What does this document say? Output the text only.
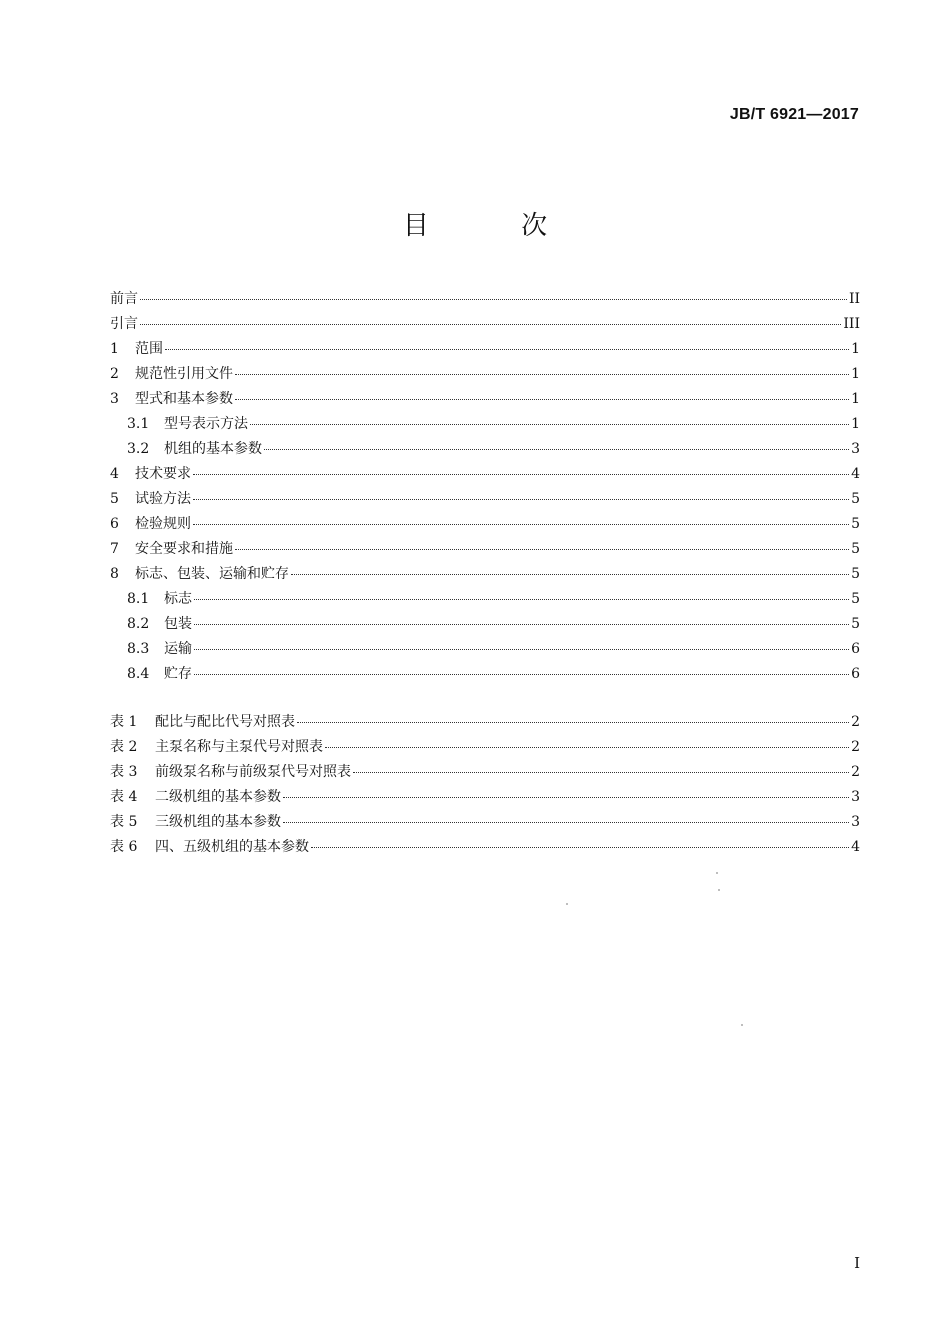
JB/T 6921—2017
目 次
前言	II
引言	III
1	范围	1
2	规范性引用文件	1
3	型式和基本参数	1
3.1	型号表示方法	1
3.2	机组的基本参数	3
4	技术要求	4
5	试验方法	5
6	检验规则	5
7	安全要求和措施	5
8	标志、包装、运输和贮存	5
8.1	标志	5
8.2	包装	5
8.3	运输	6
8.4	贮存	6
表 1	配比与配比代号对照表	2
表 2	主泵名称与主泵代号对照表	2
表 3	前级泵名称与前级泵代号对照表	2
表 4	二级机组的基本参数	3
表 5	三级机组的基本参数	3
表 6	四、五级机组的基本参数	4
I
